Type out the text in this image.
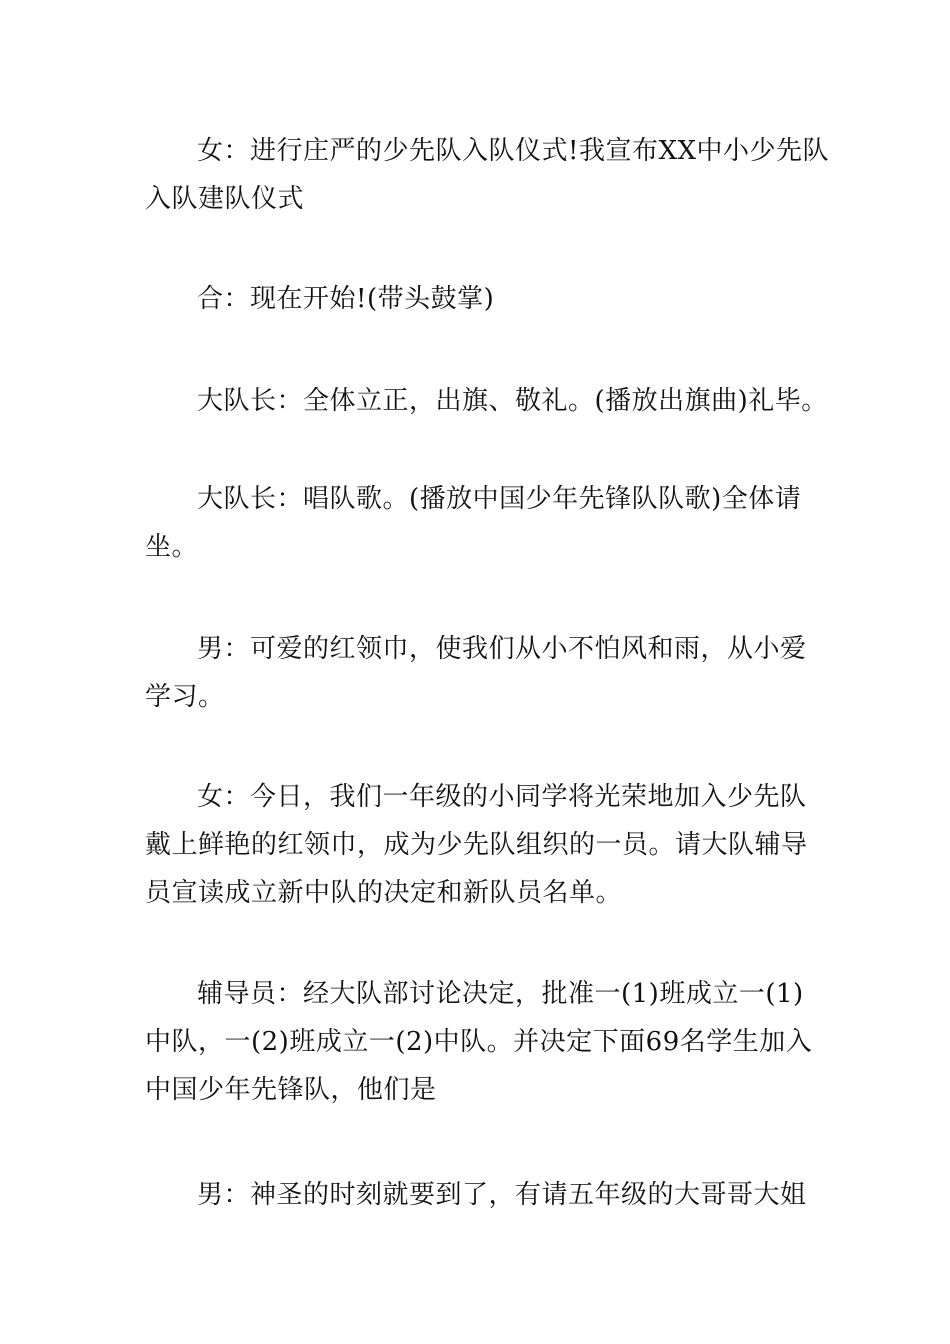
女：进行庄严的少先队入队仪式!我宣布XX中小少先队
入队建队仪式

合：现在开始!(带头鼓掌)

大队长：全体立正，出旗、敬礼。(播放出旗曲)礼毕。

大队长：唱队歌。(播放中国少年先锋队队歌)全体请
坐。

男：可爱的红领巾，使我们从小不怕风和雨，从小爱
学习。

女：今日，我们一年级的小同学将光荣地加入少先队
戴上鲜艳的红领巾，成为少先队组织的一员。请大队辅导
员宣读成立新中队的决定和新队员名单。

辅导员：经大队部讨论决定，批准一(1)班成立一(1)
中队，一(2)班成立一(2)中队。并决定下面69名学生加入
中国少年先锋队，他们是

男：神圣的时刻就要到了，有请五年级的大哥哥大姐
